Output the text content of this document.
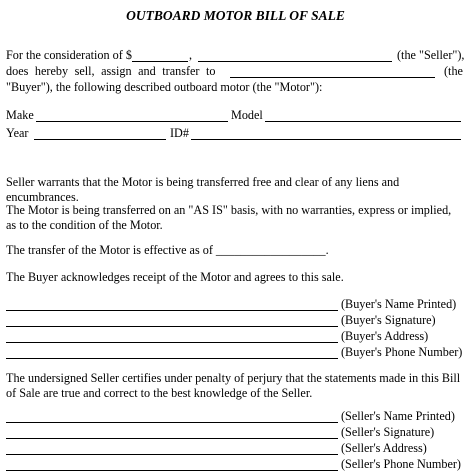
OUTBOARD MOTOR BILL OF SALE
For the consideration of $	,	(the "Seller"),
does hereby sell, assign and transfer to	(the
"Buyer"), the following described outboard motor (the "Motor"):
Make	Model
Year	ID#
Seller warrants that the Motor is being transferred free and clear of any liens and encumbrances.
The Motor is being transferred on an "AS IS" basis, with no warranties, express or implied, as to the condition of the Motor.
The transfer of the Motor is effective as of __________________.
The Buyer acknowledges receipt of the Motor and agrees to this sale.
(Buyer's Name Printed)
(Buyer's Signature)
(Buyer's Address)
(Buyer's Phone Number)
The undersigned Seller certifies under penalty of perjury that the statements made in this Bill of Sale are true and correct to the best knowledge of the Seller.
(Seller's Name Printed)
(Seller's Signature)
(Seller's Address)
(Seller's Phone Number)
